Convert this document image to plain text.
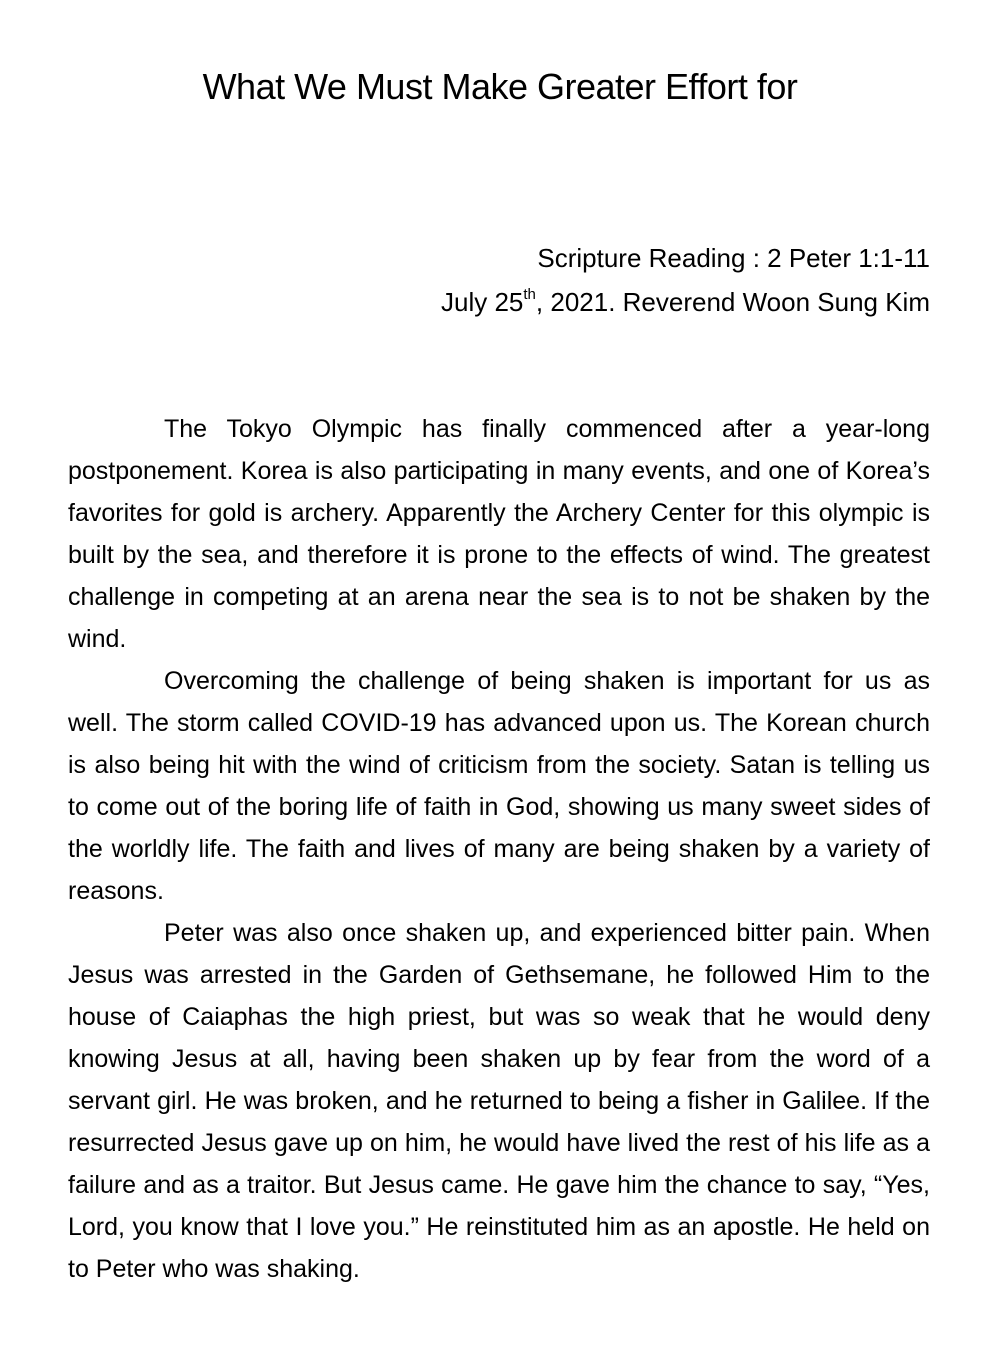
What We Must Make Greater Effort for
Scripture Reading : 2 Peter 1:1-11
July 25th, 2021. Reverend Woon Sung Kim

The Tokyo Olympic has finally commenced after a year-long postponement. Korea is also participating in many events, and one of Korea’s favorites for gold is archery. Apparently the Archery Center for this olympic is built by the sea, and therefore it is prone to the effects of wind. The greatest challenge in competing at an arena near the sea is to not be shaken by the wind.

Overcoming the challenge of being shaken is important for us as well. The storm called COVID-19 has advanced upon us. The Korean church is also being hit with the wind of criticism from the society. Satan is telling us to come out of the boring life of faith in God, showing us many sweet sides of the worldly life. The faith and lives of many are being shaken by a variety of reasons.

Peter was also once shaken up, and experienced bitter pain. When Jesus was arrested in the Garden of Gethsemane, he followed Him to the house of Caiaphas the high priest, but was so weak that he would deny knowing Jesus at all, having been shaken up by fear from the word of a servant girl. He was broken, and he returned to being a fisher in Galilee. If the resurrected Jesus gave up on him, he would have lived the rest of his life as a failure and as a traitor. But Jesus came. He gave him the chance to say, “Yes, Lord, you know that I love you.” He reinstituted him as an apostle. He held on to Peter who was shaking.
